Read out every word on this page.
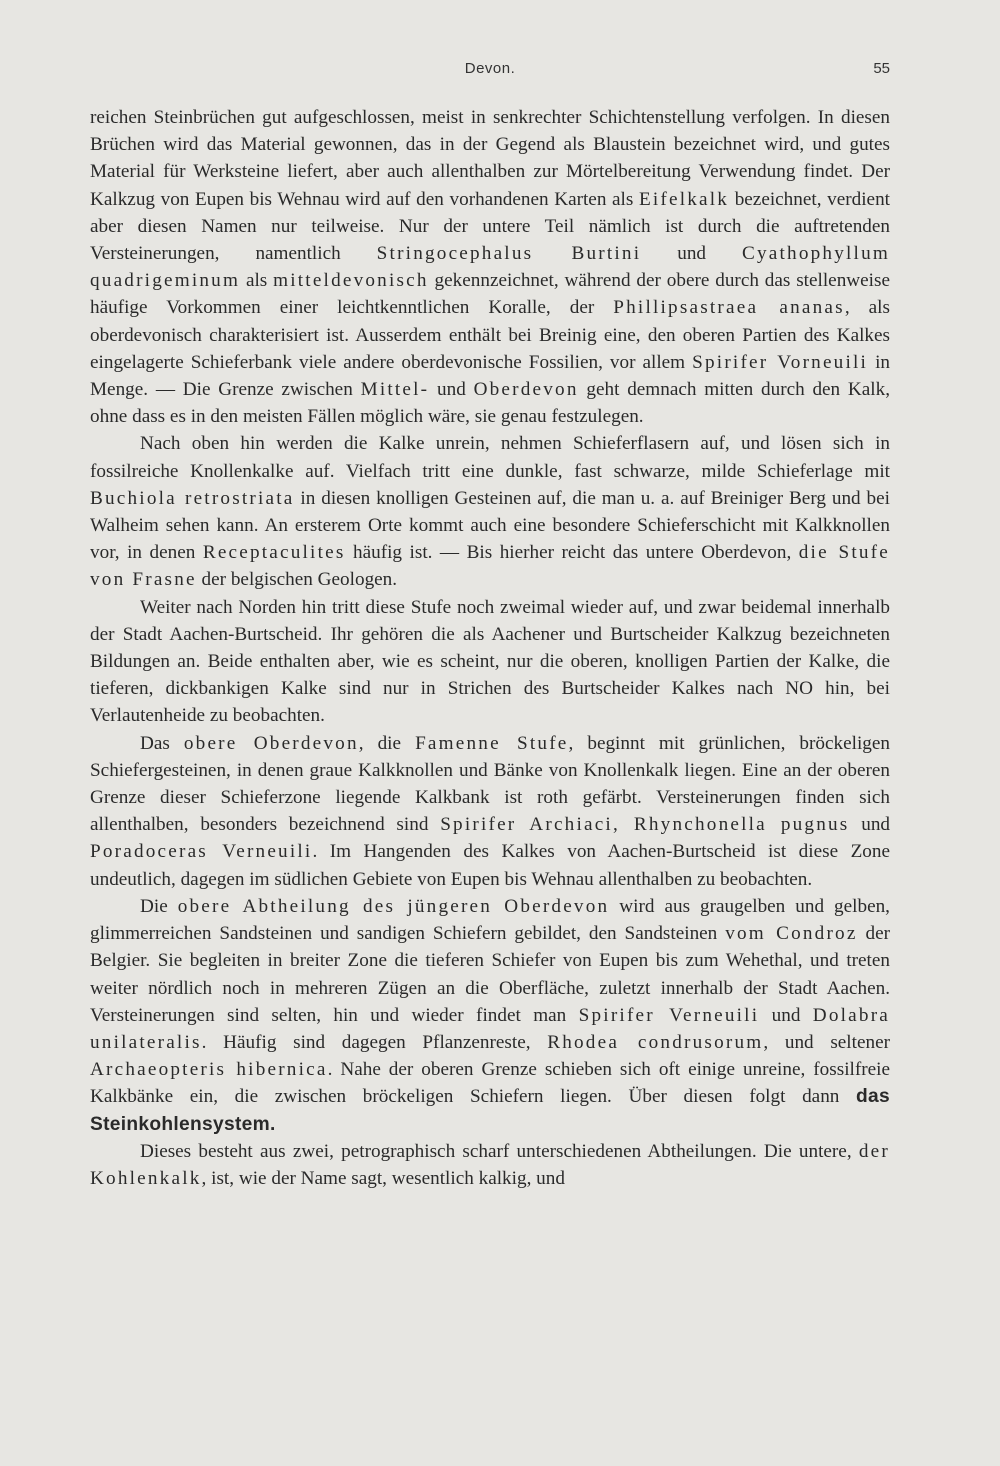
Devon.	55

reichen Steinbrüchen gut aufgeschlossen, meist in senkrechter Schichtenstellung verfolgen. In diesen Brüchen wird das Material gewonnen, das in der Gegend als Blaustein bezeichnet wird, und gutes Material für Werksteine liefert, aber auch allenthalben zur Mörtelbereitung Verwendung findet. Der Kalkzug von Eupen bis Wehnau wird auf den vorhandenen Karten als Eifelkalk bezeichnet, verdient aber diesen Namen nur teilweise. Nur der untere Teil nämlich ist durch die auftretenden Versteinerungen, namentlich Stringocephalus Burtini und Cyathophyllum quadrigeminum als mitteldevonisch gekennzeichnet, während der obere durch das stellenweise häufige Vorkommen einer leichtkenntlichen Koralle, der Phillipsastraea ananas, als oberdevonisch charakterisiert ist. Ausserdem enthält bei Breinig eine, den oberen Partien des Kalkes eingelagerte Schieferbank viele andere oberdevonische Fossilien, vor allem Spirifer Vorneuili in Menge. — Die Grenze zwischen Mittel- und Oberdevon geht demnach mitten durch den Kalk, ohne dass es in den meisten Fällen möglich wäre, sie genau festzulegen.

Nach oben hin werden die Kalke unrein, nehmen Schieferflasern auf, und lösen sich in fossilreiche Knollenkalke auf. Vielfach tritt eine dunkle, fast schwarze, milde Schieferlage mit Buchiola retrostriata in diesen knolligen Gesteinen auf, die man u. a. auf Breiniger Berg und bei Walheim sehen kann. An ersterem Orte kommt auch eine besondere Schieferschicht mit Kalkknollen vor, in denen Receptaculites häufig ist. — Bis hierher reicht das untere Oberdevon, die Stufe von Frasne der belgischen Geologen.

Weiter nach Norden hin tritt diese Stufe noch zweimal wieder auf, und zwar beidemal innerhalb der Stadt Aachen-Burtscheid. Ihr gehören die als Aachener und Burtscheider Kalkzug bezeichneten Bildungen an. Beide enthalten aber, wie es scheint, nur die oberen, knolligen Partien der Kalke, die tieferen, dickbankigen Kalke sind nur in Strichen des Burtscheider Kalkes nach NO hin, bei Verlautenheide zu beobachten.

Das obere Oberdevon, die Famenne Stufe, beginnt mit grünlichen, bröckeligen Schiefergesteinen, in denen graue Kalkknollen und Bänke von Knollenkalk liegen. Eine an der oberen Grenze dieser Schieferzone liegende Kalkbank ist roth gefärbt. Versteinerungen finden sich allenthalben, besonders bezeichnend sind Spirifer Archiaci, Rhynchonella pugnus und Poradoceras Verneuili. Im Hangenden des Kalkes von Aachen-Burtscheid ist diese Zone undeutlich, dagegen im südlichen Gebiete von Eupen bis Wehnau allenthalben zu beobachten.

Die obere Abtheilung des jüngeren Oberdevon wird aus graugelben und gelben, glimmerreichen Sandsteinen und sandigen Schiefern gebildet, den Sandsteinen vom Condroz der Belgier. Sie begleiten in breiter Zone die tieferen Schiefer von Eupen bis zum Wehethal, und treten weiter nördlich noch in mehreren Zügen an die Oberfläche, zuletzt innerhalb der Stadt Aachen. Versteinerungen sind selten, hin und wieder findet man Spirifer Verneuili und Dolabra unilateralis. Häufig sind dagegen Pflanzenreste, Rhodea condrusorum, und seltener Archaeopteris hibernica. Nahe der oberen Grenze schieben sich oft einige unreine, fossilfreie Kalkbänke ein, die zwischen bröckeligen Schiefern liegen. Über diesen folgt dann das Steinkohlensystem.

Dieses besteht aus zwei, petrographisch scharf unterschiedenen Abtheilungen. Die untere, der Kohlenkalk, ist, wie der Name sagt, wesentlich kalkig, und
